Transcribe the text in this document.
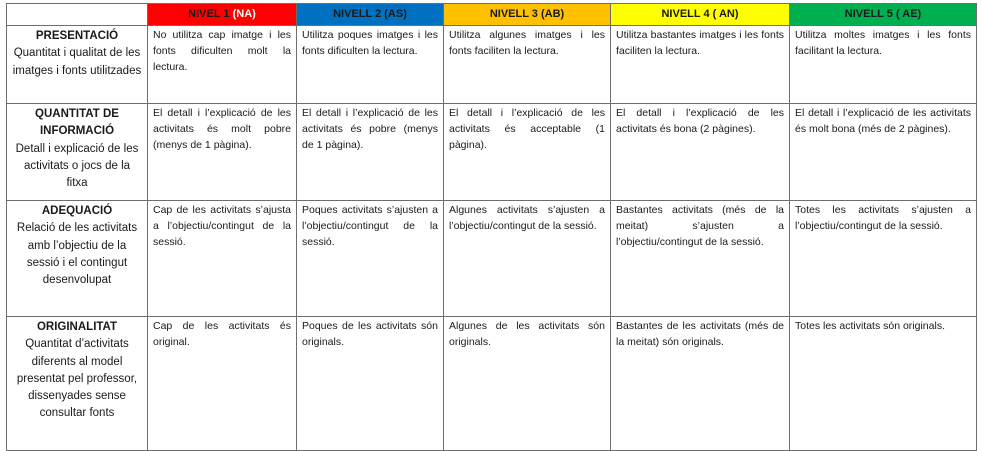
	NIVEL 1 (NA)	NIVELL 2 (AS)	NIVELL 3 (AB)	NIVELL 4 ( AN)	NIVELL 5 ( AE)

PRESENTACIÓ
Quantitat i qualitat de les imatges i fonts utilitzades	No utilitza cap imatge i les fonts dificulten molt la lectura.	Utilitza poques imatges i les fonts dificulten la lectura.	Utilitza algunes imatges i les fonts faciliten la lectura.	Utilitza bastantes imatges i les fonts faciliten la lectura.	Utilitza moltes imatges i les fonts facilitant la lectura.

QUANTITAT DE INFORMACIÓ
Detall i explicació de les activitats o jocs de la fitxa	El detall i l’explicació de les activitats és molt pobre (menys de 1 pàgina).	El detall i l’explicació de les activitats és pobre (menys de 1 pàgina).	El detall i l’explicació de les activitats és acceptable (1 pàgina).	El detall i l’explicació de les activitats és bona (2 pàgines).	El detall i l’explicació de les activitats és molt bona (més de 2 pàgines).

ADEQUACIÓ
Relació de les activitats amb l’objectiu de la sessió i el contingut desenvolupat	Cap de les activitats s’ajusta a l’objectiu/contingut de la sessió.	Poques activitats s’ajusten a l’objectiu/contingut de la sessió.	Algunes activitats s’ajusten a l’objectiu/contingut de la sessió.	Bastantes activitats (més de la meitat) s’ajusten a l’objectiu/contingut de la sessió.	Totes les activitats s’ajusten a l’objectiu/contingut de la sessió.

ORIGINALITAT
Quantitat d’activitats diferents al model presentat pel professor, dissenyades sense consultar fonts	Cap de les activitats és original.	Poques de les activitats són originals.	Algunes de les activitats són originals.	Bastantes de les activitats (més de la meitat) són originals.	Totes les activitats són originals.
